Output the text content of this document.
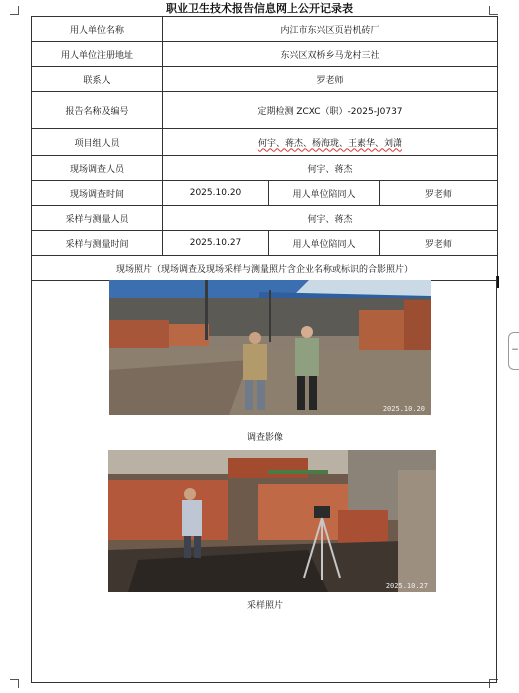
职业卫生技术报告信息网上公开记录表
用人单位名称	内江市东兴区页岩机砖厂		
用人单位注册地址	东兴区双桥乡马龙村三社		
联系人	罗老师		
报告名称及编号	定期检测 ZCXC（职）-2025-J0737		
项目组人员	何宇、蒋杰、杨海珑、王素华、刘潇		
现场调查人员	何宇、蒋杰		
现场调查时间	2025.10.20	用人单位陪同人	罗老师
采样与测量人员	何宇、蒋杰		
采样与测量时间	2025.10.27	用人单位陪同人	罗老师
现场照片（现场调查及现场采样与测量照片含企业名称或标识的合影照片）			
2025.10.20
调查影像
2025.10.27
采样照片
−
